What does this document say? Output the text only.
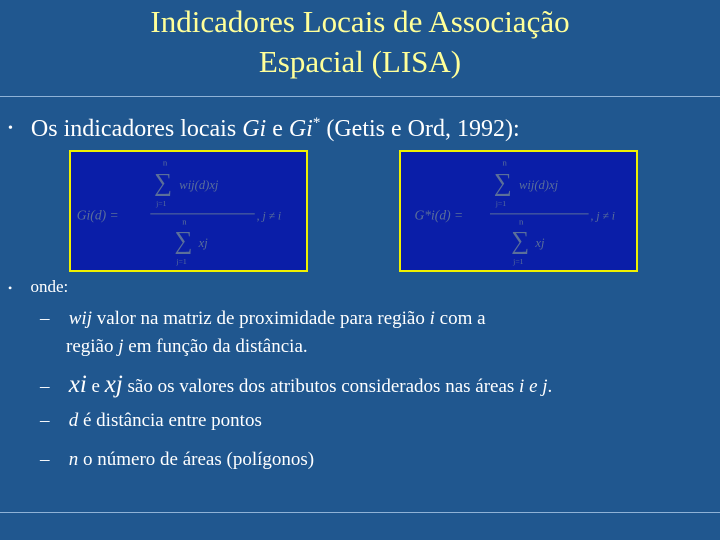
Indicadores Locais de Associação
Espacial (LISA)
• Os indicadores locais Gi e Gi* (Getis e Ord, 1992):
Gi(d) =
n
∑
j=1
wij(d)xj
n
∑
j=1
xj
, j ≠ i	G*i(d) =
n
∑
j=1
wij(d)xj
n
∑
j=1
xj
, j ≠ i
• onde:
– wij valor na matriz de proximidade para região i com a
região j em função da distância.
– xi e xj são os valores dos atributos considerados nas áreas i e j.
– d é distância entre pontos
– n o número de áreas (polígonos)
